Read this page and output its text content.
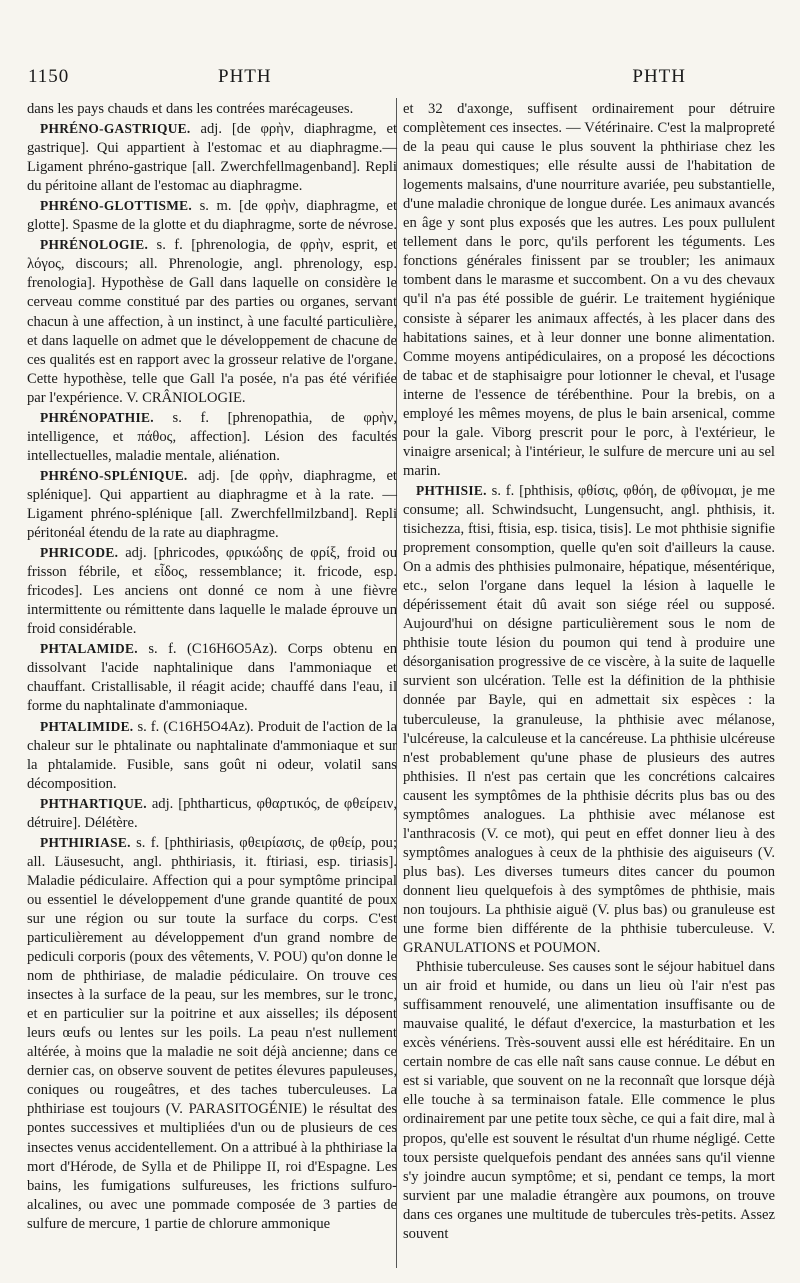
1150	PHTH	PHTH

dans les pays chauds et dans les contrées marécageuses.

PHRÉNO-GASTRIQUE. adj. [de φρὴν, diaphragme, et gastrique]. Qui appartient à l'estomac et au diaphragme.—Ligament phréno-gastrique [all. Zwerchfellmagenband]. Repli du péritoine allant de l'estomac au diaphragme.

PHRÉNO-GLOTTISME. s. m. [de φρὴν, diaphragme, et glotte]. Spasme de la glotte et du diaphragme, sorte de névrose.

PHRÉNOLOGIE. s. f. [phrenologia, de φρὴν, esprit, et λόγος, discours; all. Phrenologie, angl. phrenology, esp. frenologia]. Hypothèse de Gall dans laquelle on considère le cerveau comme constitué par des parties ou organes, servant chacun à une affection, à un instinct, à une faculté particulière, et dans laquelle on admet que le développement de chacune de ces qualités est en rapport avec la grosseur relative de l'organe. Cette hypothèse, telle que Gall l'a posée, n'a pas été vérifiée par l'expérience. V. CRÂNIOLOGIE.

PHRÉNOPATHIE. s. f. [phrenopathia, de φρὴν, intelligence, et πάθος, affection]. Lésion des facultés intellectuelles, maladie mentale, aliénation.

PHRÉNO-SPLÉNIQUE. adj. [de φρὴν, diaphragme, et splénique]. Qui appartient au diaphragme et à la rate. — Ligament phréno-splénique [all. Zwerchfellmilzband]. Repli péritonéal étendu de la rate au diaphragme.

PHRICODE. adj. [phricodes, φρικώδης de φρίξ, froid ou frisson fébrile, et εἶδος, ressemblance; it. fricode, esp. fricodes]. Les anciens ont donné ce nom à une fièvre intermittente ou rémittente dans laquelle le malade éprouve un froid considérable.

PHTALAMIDE. s. f. (C16H6O5Az). Corps obtenu en dissolvant l'acide naphtalinique dans l'ammoniaque et chauffant. Cristallisable, il réagit acide; chauffé dans l'eau, il forme du naphtalinate d'ammoniaque.

PHTALIMIDE. s. f. (C16H5O4Az). Produit de l'action de la chaleur sur le phtalinate ou naphtalinate d'ammoniaque et sur la phtalamide. Fusible, sans goût ni odeur, volatil sans décomposition.

PHTHARTIQUE. adj. [phtharticus, φθαρτικός, de φθείρειν, détruire]. Délétère.

PHTHIRIASE. s. f. [phthiriasis, φθειρίασις, de φθείρ, pou; all. Läusesucht, angl. phthiriasis, it. ftiriasi, esp. tiriasis]. Maladie pédiculaire. Affection qui a pour symptôme principal ou essentiel le développement d'une grande quantité de poux sur une région ou sur toute la surface du corps. C'est particulièrement au développement d'un grand nombre de pediculi corporis (poux des vêtements, V. POU) qu'on donne le nom de phthiriase, de maladie pédiculaire. On trouve ces insectes à la surface de la peau, sur les membres, sur le tronc, et en particulier sur la poitrine et aux aisselles; ils déposent leurs œufs ou lentes sur les poils. La peau n'est nullement altérée, à moins que la maladie ne soit déjà ancienne; dans ce dernier cas, on observe souvent de petites élevures papuleuses, coniques ou rougeâtres, et des taches tuberculeuses. La phthiriase est toujours (V. PARASITOGÉNIE) le résultat des pontes successives et multipliées d'un ou de plusieurs de ces insectes venus accidentellement. On a attribué à la phthiriase la mort d'Hérode, de Sylla et de Philippe II, roi d'Espagne. Les bains, les fumigations sulfureuses, les frictions sulfuro-alcalines, ou avec une pommade composée de 3 parties de sulfure de mercure, 1 partie de chlorure ammonique

et 32 d'axonge, suffisent ordinairement pour détruire complètement ces insectes. — Vétérinaire. C'est la malpropreté de la peau qui cause le plus souvent la phthiriase chez les animaux domestiques; elle résulte aussi de l'habitation de logements malsains, d'une nourriture avariée, peu substantielle, d'une maladie chronique de longue durée. Les animaux avancés en âge y sont plus exposés que les autres. Les poux pullulent tellement dans le porc, qu'ils perforent les téguments. Les fonctions générales finissent par se troubler; les animaux tombent dans le marasme et succombent. On a vu des chevaux qu'il n'a pas été possible de guérir. Le traitement hygiénique consiste à séparer les animaux affectés, à les placer dans des habitations saines, et à leur donner une bonne alimentation. Comme moyens antipédiculaires, on a proposé les décoctions de tabac et de staphisaigre pour lotionner le cheval, et l'usage interne de l'essence de térébenthine. Pour la brebis, on a employé les mêmes moyens, de plus le bain arsenical, comme pour la gale. Viborg prescrit pour le porc, à l'extérieur, le vinaigre arsenical; à l'intérieur, le sulfure de mercure uni au sel marin.

PHTHISIE. s. f. [phthisis, φθίσις, φθόη, de φθίνομαι, je me consume; all. Schwindsucht, Lungensucht, angl. phthisis, it. tisichezza, ftisi, ftisia, esp. tisica, tisis]. Le mot phthisie signifie proprement consomption, quelle qu'en soit d'ailleurs la cause. On a admis des phthisies pulmonaire, hépatique, mésentérique, etc., selon l'organe dans lequel la lésion à laquelle le dépérissement était dû avait son siége réel ou supposé. Aujourd'hui on désigne particulièrement sous le nom de phthisie toute lésion du poumon qui tend à produire une désorganisation progressive de ce viscère, à la suite de laquelle survient son ulcération. Telle est la définition de la phthisie donnée par Bayle, qui en admettait six espèces : la tuberculeuse, la granuleuse, la phthisie avec mélanose, l'ulcéreuse, la calculeuse et la cancéreuse. La phthisie ulcéreuse n'est probablement qu'une phase de plusieurs des autres phthisies. Il n'est pas certain que les concrétions calcaires causent les symptômes de la phthisie décrits plus bas ou des symptômes analogues. La phthisie avec mélanose est l'anthracosis (V. ce mot), qui peut en effet donner lieu à des symptômes analogues à ceux de la phthisie des aiguiseurs (V. plus bas). Les diverses tumeurs dites cancer du poumon donnent lieu quelquefois à des symptômes de phthisie, mais non toujours. La phthisie aiguë (V. plus bas) ou granuleuse est une forme bien différente de la phthisie tuberculeuse. V. GRANULATIONS et POUMON.

Phthisie tuberculeuse. Ses causes sont le séjour habituel dans un air froid et humide, ou dans un lieu où l'air n'est pas suffisamment renouvelé, une alimentation insuffisante ou de mauvaise qualité, le défaut d'exercice, la masturbation et les excès vénériens. Très-souvent aussi elle est héréditaire. En un certain nombre de cas elle naît sans cause connue. Le début en est si variable, que souvent on ne la reconnaît que lorsque déjà elle touche à sa terminaison fatale. Elle commence le plus ordinairement par une petite toux sèche, ce qui a fait dire, mal à propos, qu'elle est souvent le résultat d'un rhume négligé. Cette toux persiste quelquefois pendant des années sans qu'il vienne s'y joindre aucun symptôme; et si, pendant ce temps, la mort survient par une maladie étrangère aux poumons, on trouve dans ces organes une multitude de tubercules très-petits. Assez souvent
